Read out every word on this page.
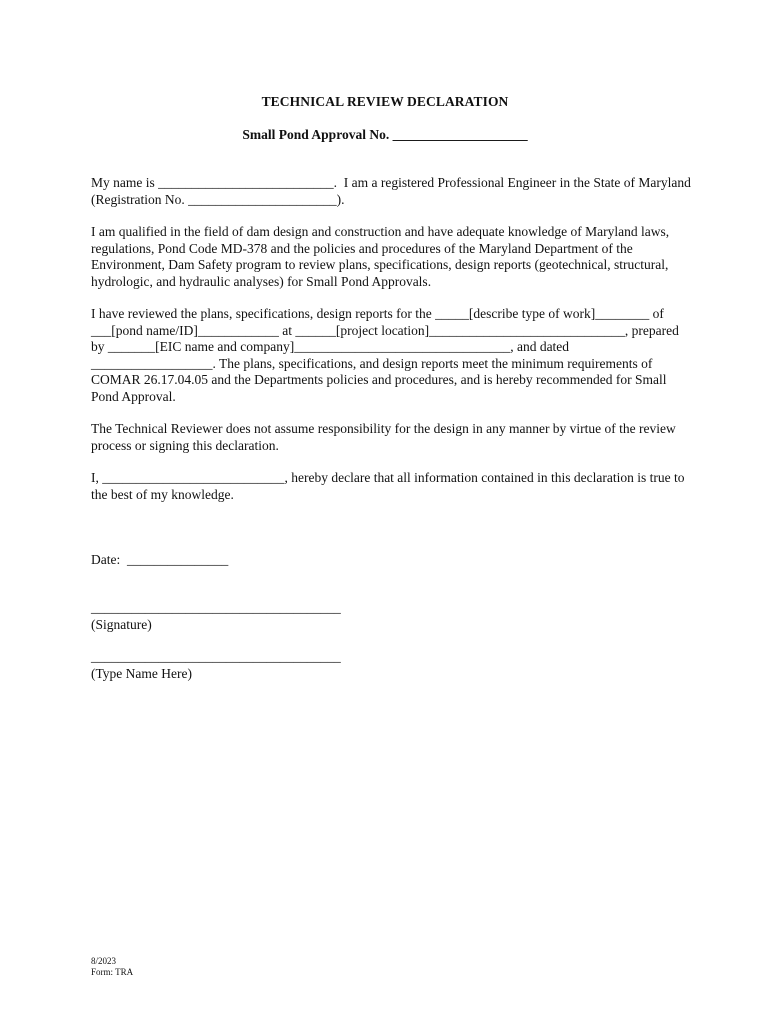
TECHNICAL REVIEW DECLARATION
Small Pond Approval No. ____________________
My name is __________________________.  I am a registered Professional Engineer in the State of Maryland (Registration No. ______________________).
I am qualified in the field of dam design and construction and have adequate knowledge of Maryland laws, regulations, Pond Code MD-378 and the policies and procedures of the Maryland Department of the Environment, Dam Safety program to review plans, specifications, design reports (geotechnical, structural, hydrologic, and hydraulic analyses) for Small Pond Approvals.
I have reviewed the plans, specifications, design reports for the _____[describe type of work]________ of ___[pond name/ID]____________ at ______[project location]_____________________________, prepared by _______[EIC name and company]________________________________, and dated __________________. The plans, specifications, and design reports meet the minimum requirements of COMAR 26.17.04.05 and the Departments policies and procedures, and is hereby recommended for Small Pond Approval.
The Technical Reviewer does not assume responsibility for the design in any manner by virtue of the review process or signing this declaration.
I, ___________________________, hereby declare that all information contained in this declaration is true to the best of my knowledge.
Date:  _______________
_____________________________________
(Signature)
_____________________________________
(Type Name Here)
8/2023
Form: TRA
